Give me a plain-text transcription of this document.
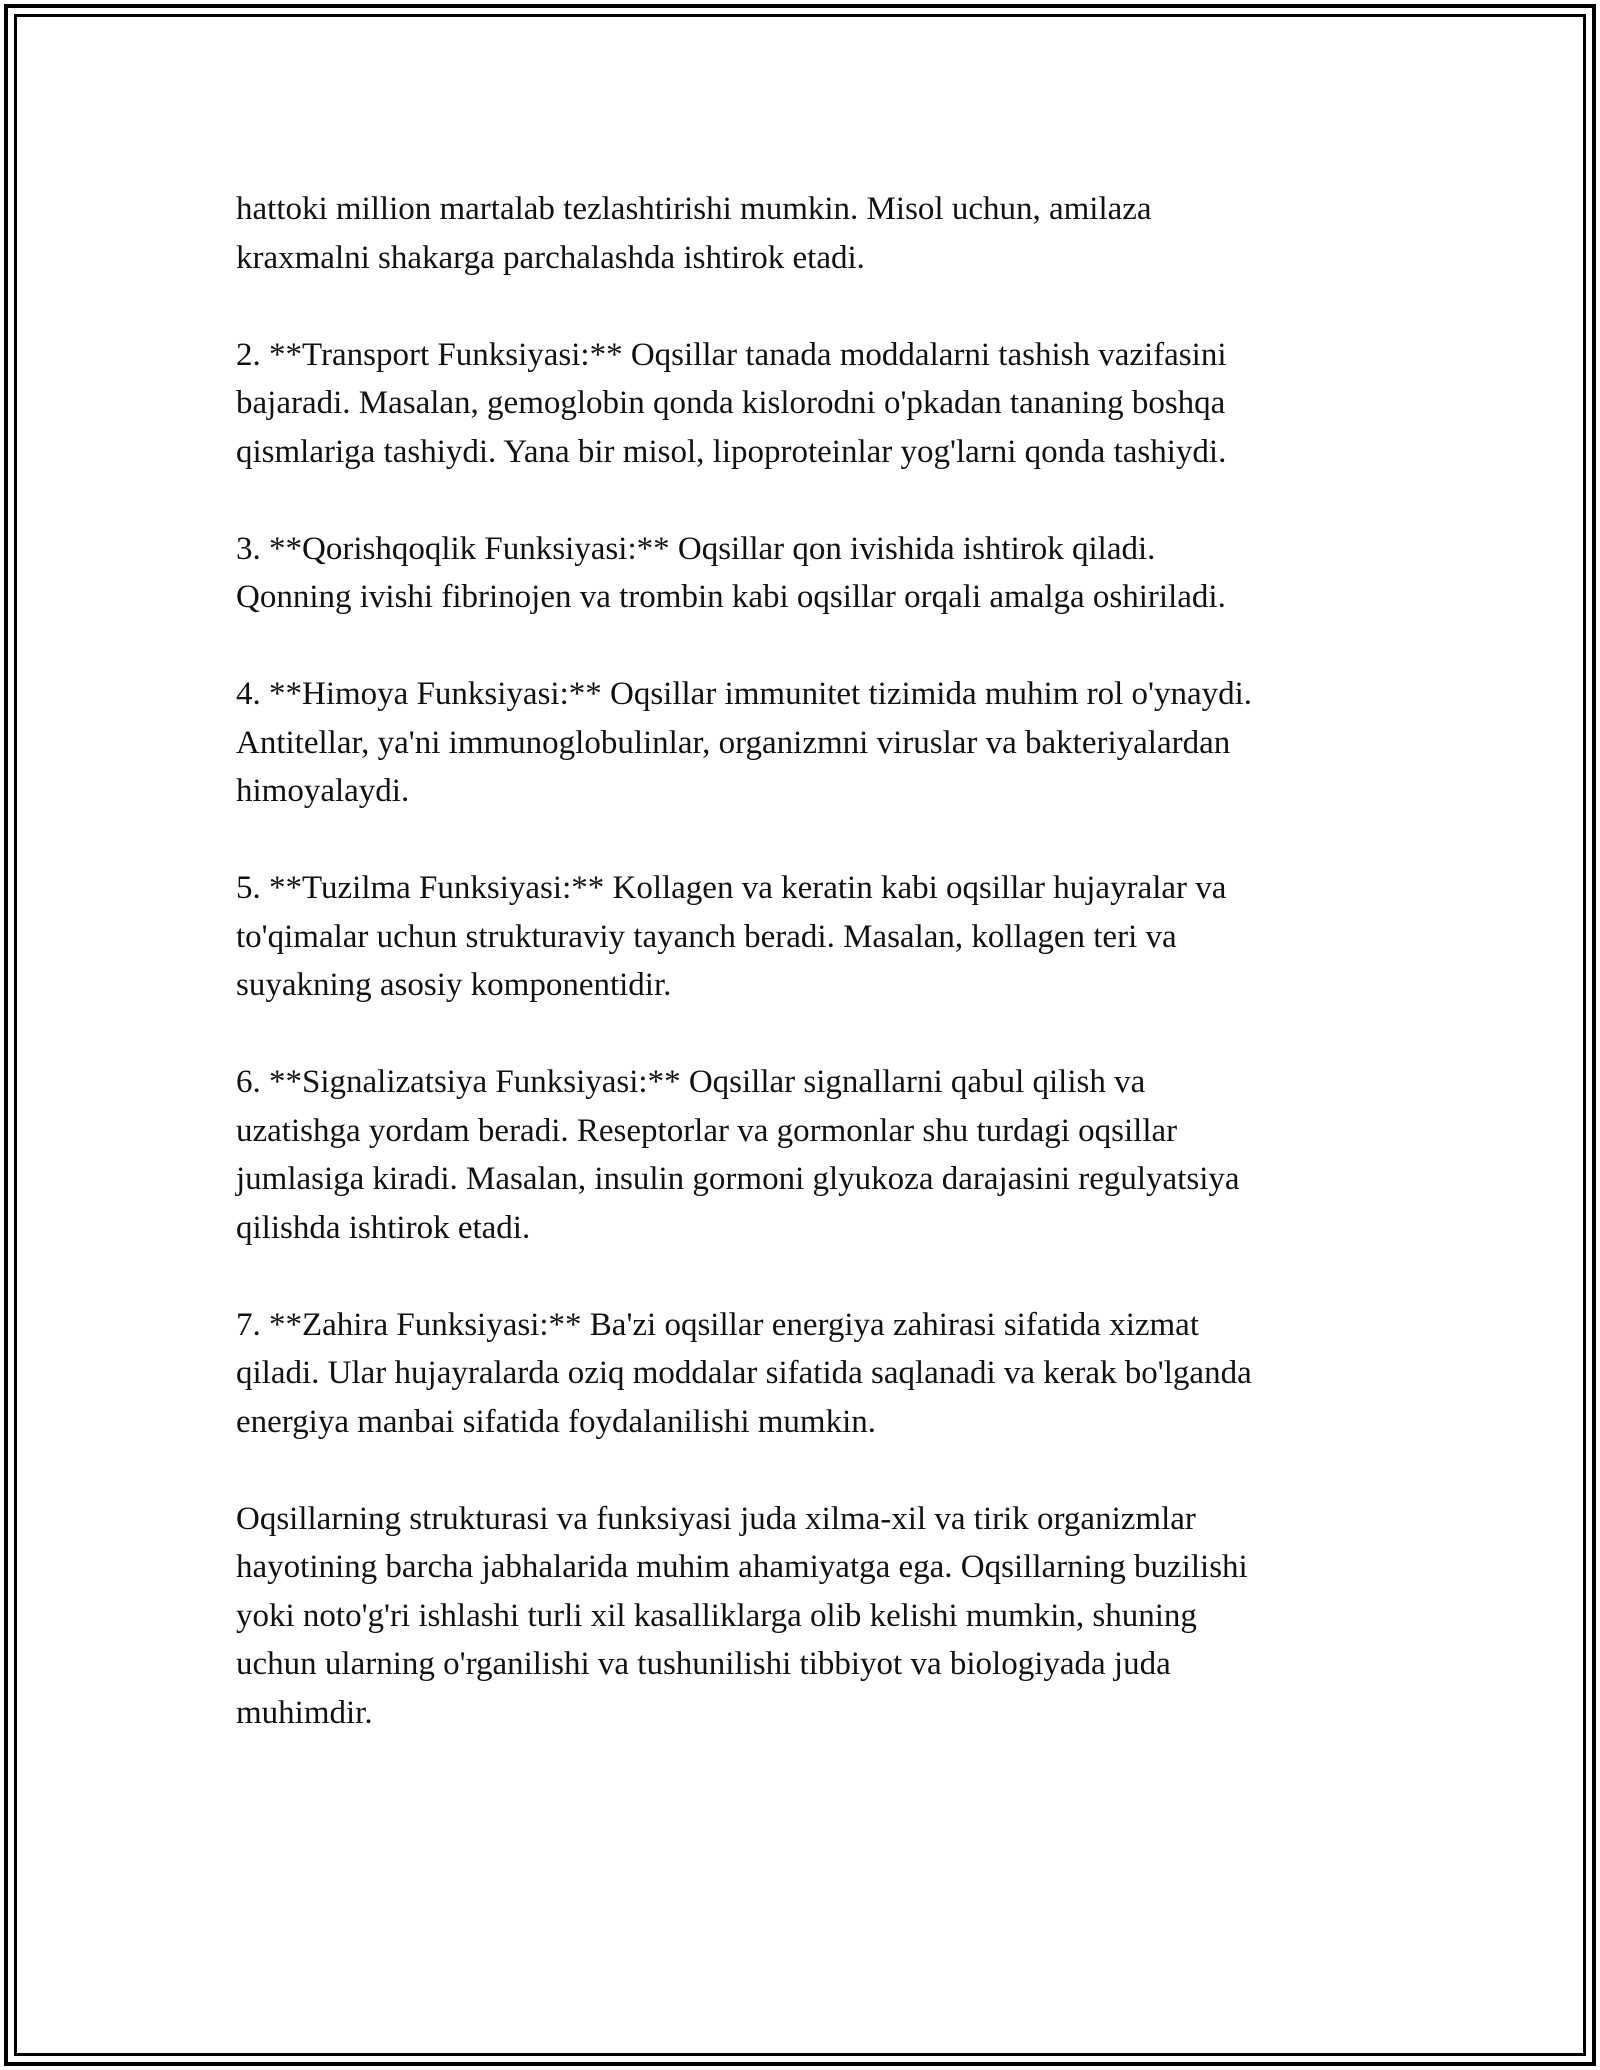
hattoki million martalab tezlashtirishi mumkin. Misol uchun, amilaza
kraxmalni shakarga parchalashda ishtirok etadi.

2. **Transport Funksiyasi:** Oqsillar tanada moddalarni tashish vazifasini
bajaradi. Masalan, gemoglobin qonda kislorodni o'pkadan tananing boshqa
qismlariga tashiydi. Yana bir misol, lipoproteinlar yog'larni qonda tashiydi.

3. **Qorishqoqlik Funksiyasi:** Oqsillar qon ivishida ishtirok qiladi.
Qonning ivishi fibrinojen va trombin kabi oqsillar orqali amalga oshiriladi.

4. **Himoya Funksiyasi:** Oqsillar immunitet tizimida muhim rol o'ynaydi.
Antitellar, ya'ni immunoglobulinlar, organizmni viruslar va bakteriyalardan
himoyalaydi.

5. **Tuzilma Funksiyasi:** Kollagen va keratin kabi oqsillar hujayralar va
to'qimalar uchun strukturaviy tayanch beradi. Masalan, kollagen teri va
suyakning asosiy komponentidir.

6. **Signalizatsiya Funksiyasi:** Oqsillar signallarni qabul qilish va
uzatishga yordam beradi. Reseptorlar va gormonlar shu turdagi oqsillar
jumlasiga kiradi. Masalan, insulin gormoni glyukoza darajasini regulyatsiya
qilishda ishtirok etadi.

7. **Zahira Funksiyasi:** Ba'zi oqsillar energiya zahirasi sifatida xizmat
qiladi. Ular hujayralarda oziq moddalar sifatida saqlanadi va kerak bo'lganda
energiya manbai sifatida foydalanilishi mumkin.

Oqsillarning strukturasi va funksiyasi juda xilma-xil va tirik organizmlar
hayotining barcha jabhalarida muhim ahamiyatga ega. Oqsillarning buzilishi
yoki noto'g'ri ishlashi turli xil kasalliklarga olib kelishi mumkin, shuning
uchun ularning o'rganilishi va tushunilishi tibbiyot va biologiyada juda
muhimdir.
